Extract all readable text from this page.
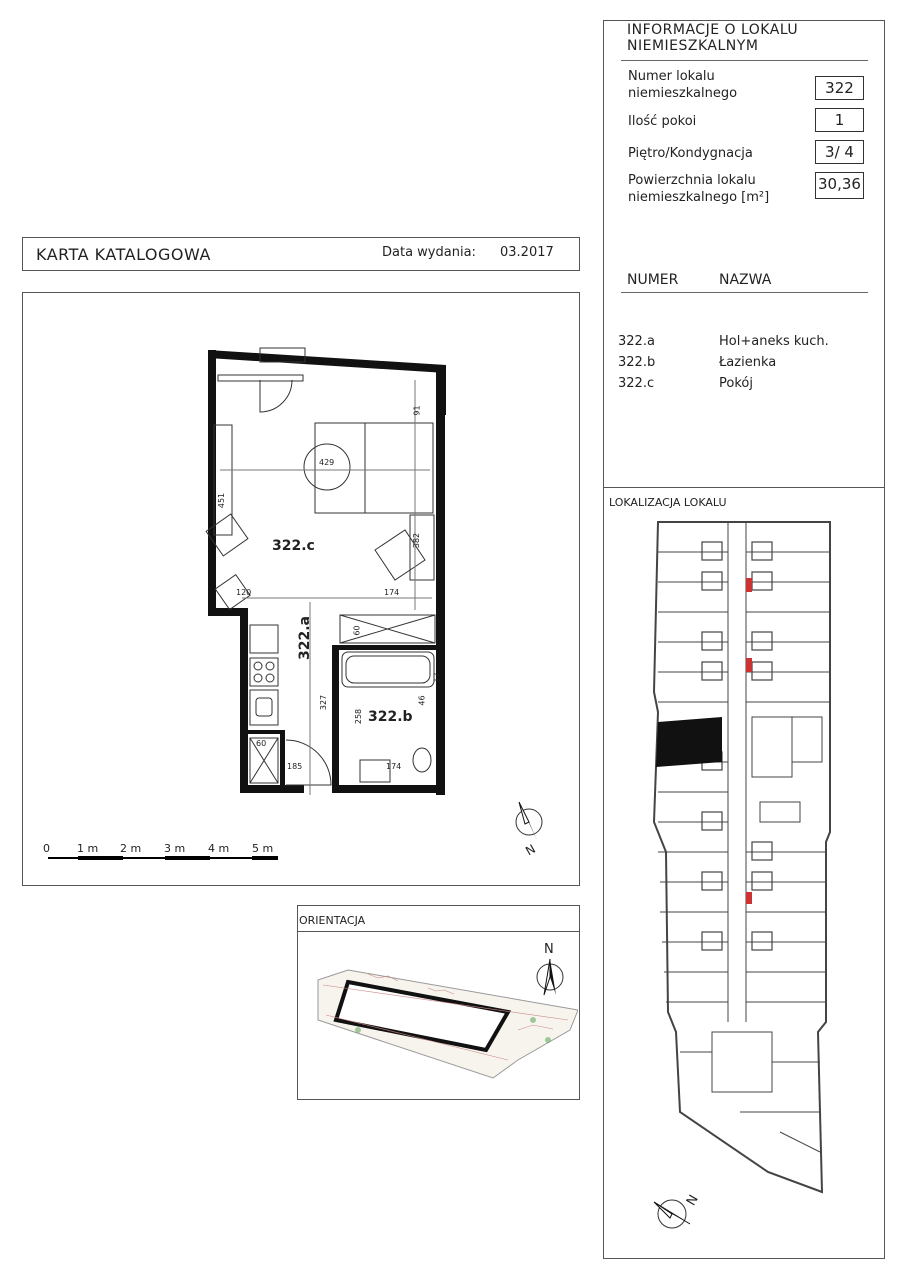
INFORMACJE O LOKALU
NIEMIESZKALNYM
Numer lokalu
niemieszkalnego	322
Ilość pokoi	1
Piętro/Kondygnacja	3/ 4
Powierzchnia lokalu
niemieszkalnego [m²]
30,36
NUMER	NAZWA
322.a	Hol+aneks kuch.
322.b	Łazienka
322.c	Pokój
LOKALIZACJA LOKALU
N
KARTA KATALOGOWA	Data wydania: 03.2017
322.c
322.a
322.b
429
451
91
382
120	174
60
327
258
46
17
174
60
185
N
0 1 m 2 m 3 m 4 m 5 m
ORIENTACJA
N
